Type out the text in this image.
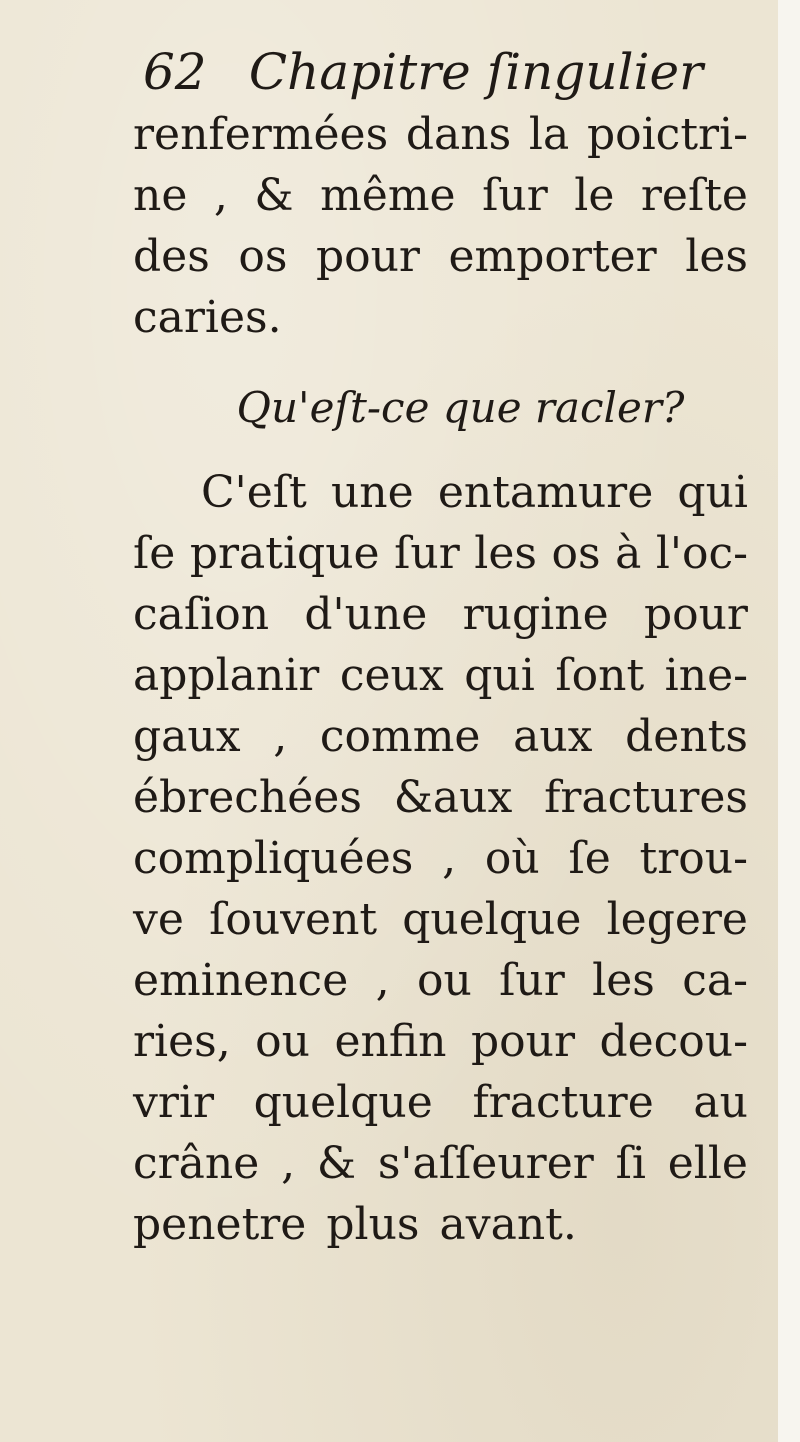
62 Chapitre ſingulier
renfermées dans la poictri-
ne , & même ſur le reſte
des os pour emporter les
caries.
Qu'eſt-ce que racler?
C'eſt une entamure qui
ſe pratique ſur les os à l'oc-
caſion d'une rugine pour
applanir ceux qui ſont ine-
gaux , comme aux dents
ébrechées &aux fractures
compliquées , où ſe trou-
ve ſouvent quelque legere
eminence , ou ſur les ca-
ries, ou enfin pour decou-
vrir quelque fracture au
crâne , & s'aſſeurer ſi elle
penetre plus avant.
